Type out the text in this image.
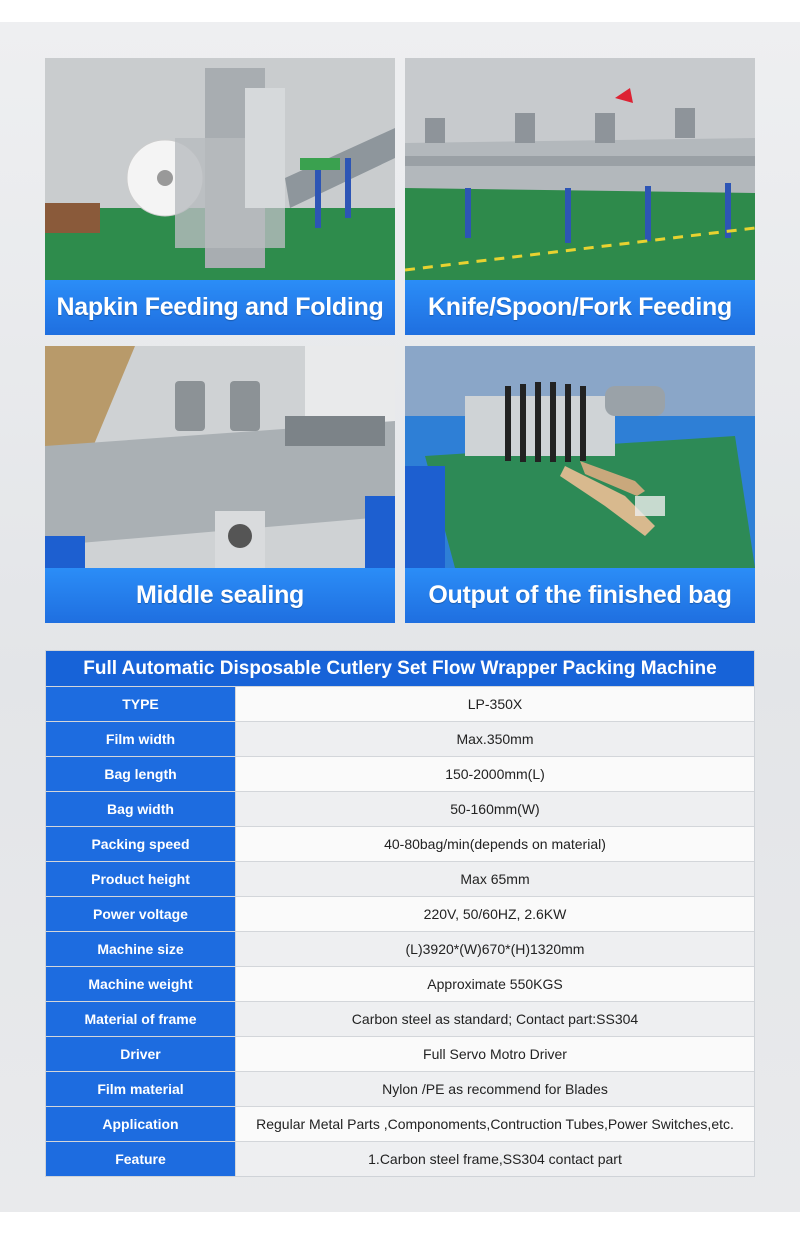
Napkin Feeding and Folding	Knife/Spoon/Fork Feeding
Middle sealing	Output of the finished bag
Full Automatic Disposable Cutlery Set Flow Wrapper Packing Machine
TYPE	LP-350X
Film width	Max.350mm
Bag length	150-2000mm(L)
Bag width	50-160mm(W)
Packing speed	40-80bag/min(depends on material)
Product height	Max 65mm
Power voltage	220V, 50/60HZ, 2.6KW
Machine size	(L)3920*(W)670*(H)1320mm
Machine weight	Approximate 550KGS
Material of frame	Carbon steel as standard; Contact part:SS304
Driver	Full Servo Motro Driver
Film material	Nylon /PE as recommend for Blades
Application	Regular Metal Parts ,Componoments,Contruction Tubes,Power Switches,etc.
Feature	1.Carbon steel frame,SS304 contact part
